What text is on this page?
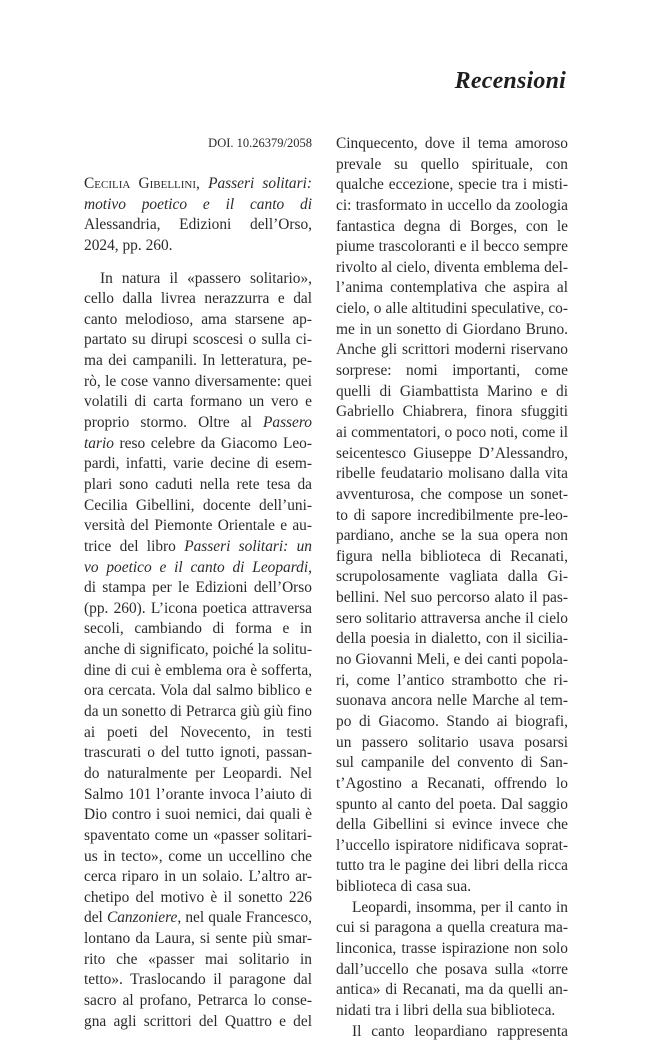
Recensioni
DOI. 10.26379/2058
Cecilia Gibellini, Passeri solitari:
motivo poetico e il canto di
Alessandria, Edizioni dell’Orso,
2024, pp. 260.
In natura il «passero solitario»,
cello dalla livrea nerazzurra e dal
canto melodioso, ama starsene ap-
partato su dirupi scoscesi o sulla ci-
ma dei campanili. In letteratura, pe-
rò, le cose vanno diversamente: quei
volatili di carta formano un vero e
proprio stormo. Oltre al Passero
tario reso celebre da Giacomo Leo-
pardi, infatti, varie decine di esem-
plari sono caduti nella rete tesa da
Cecilia Gibellini, docente dell’uni-
versità del Piemonte Orientale e au-
trice del libro Passeri solitari: un
vo poetico e il canto di Leopardi,
di stampa per le Edizioni dell’Orso
(pp. 260). L’icona poetica attraversa
secoli, cambiando di forma e in
anche di significato, poiché la solitu-
dine di cui è emblema ora è sofferta,
ora cercata. Vola dal salmo biblico e
da un sonetto di Petrarca giù giù fino
ai poeti del Novecento, in testi
trascurati o del tutto ignoti, passan-
do naturalmente per Leopardi. Nel
Salmo 101 l’orante invoca l’aiuto di
Dio contro i suoi nemici, dai quali è
spaventato come un «passer solitari-
us in tecto», come un uccellino che
cerca riparo in un solaio. L’altro ar-
chetipo del motivo è il sonetto 226
del Canzoniere, nel quale Francesco,
lontano da Laura, si sente più smar-
rito che «passer mai solitario in
tetto». Traslocando il paragone dal
sacro al profano, Petrarca lo conse-
gna agli scrittori del Quattro e del
Cinquecento, dove il tema amoroso
prevale su quello spirituale, con
qualche eccezione, specie tra i misti-
ci: trasformato in uccello da zoologia
fantastica degna di Borges, con le
piume trascoloranti e il becco sempre
rivolto al cielo, diventa emblema del-
l’anima contemplativa che aspira al
cielo, o alle altitudini speculative, co-
me in un sonetto di Giordano Bruno.
Anche gli scrittori moderni riservano
sorprese: nomi importanti, come
quelli di Giambattista Marino e di
Gabriello Chiabrera, finora sfuggiti
ai commentatori, o poco noti, come il
seicentesco Giuseppe D’Alessandro,
ribelle feudatario molisano dalla vita
avventurosa, che compose un sonet-
to di sapore incredibilmente pre-leo-
pardiano, anche se la sua opera non
figura nella biblioteca di Recanati,
scrupolosamente vagliata dalla Gi-
bellini. Nel suo percorso alato il pas-
sero solitario attraversa anche il cielo
della poesia in dialetto, con il sicilia-
no Giovanni Meli, e dei canti popola-
ri, come l’antico strambotto che ri-
suonava ancora nelle Marche al tem-
po di Giacomo. Stando ai biografi,
un passero solitario usava posarsi
sul campanile del convento di San-
t’Agostino a Recanati, offrendo lo
spunto al canto del poeta. Dal saggio
della Gibellini si evince invece che
l’uccello ispiratore nidificava soprat-
tutto tra le pagine dei libri della ricca
biblioteca di casa sua.
Leopardi, insomma, per il canto in
cui si paragona a quella creatura ma-
linconica, trasse ispirazione non solo
dall’uccello che posava sulla «torre
antica» di Recanati, ma da quelli an-
nidati tra i libri della sua biblioteca.
Il canto leopardiano rappresenta
